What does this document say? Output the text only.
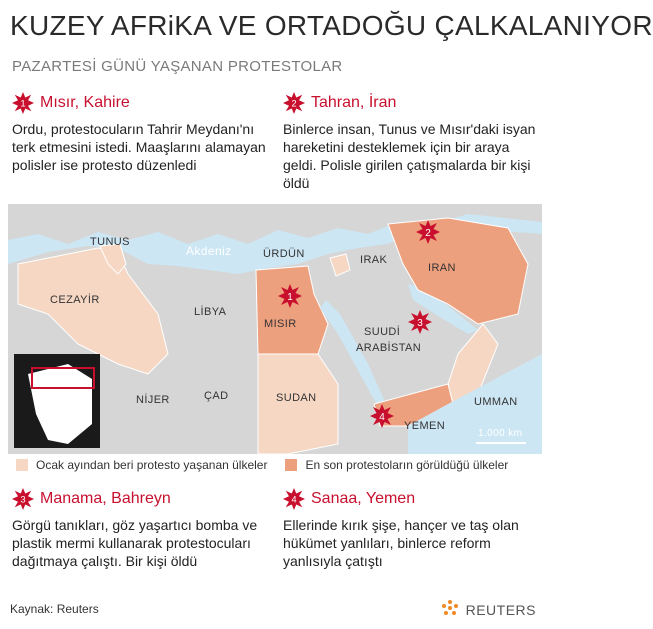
KUZEY AFRiKA VE ORTADOĞU ÇALKALANIYOR
PAZARTESİ GÜNÜ YAŞANAN PROTESTOLAR
1 Mısır, Kahire
Ordu, protestocuların Tahrir Meydanı'nı terk etmesini istedi. Maaşlarını alamayan polisler ise protesto düzenledi
2 Tahran, İran
Binlerce insan, Tunus ve Mısır'daki isyan hareketini desteklemek için bir araya geldi. Polisle girilen çatışmalarda bir kişi öldü
1
2
3
4
TUNUS
Akdeniz	ÜRDÜN	IRAK
IRAN
CEZAYİR
LİBYA
MISIR
SUUDİ
ARABİSTAN
NİJER	ÇAD	SUDAN	UMMAN
YEMEN
1.000 km
Ocak ayından beri protesto yaşanan ülkeler	En son protestoların görüldüğü ülkeler
3 Manama, Bahreyn
Görgü tanıkları, göz yaşartıcı bomba ve plastik mermi kullanarak protestocuları dağıtmaya çalıştı. Bir kişi öldü
4 Sanaa, Yemen
Ellerinde kırık şişe, hançer ve taş olan hükümet yanlıları, binlerce reform yanlısıyla çatıştı
Kaynak: Reuters	REUTERS
